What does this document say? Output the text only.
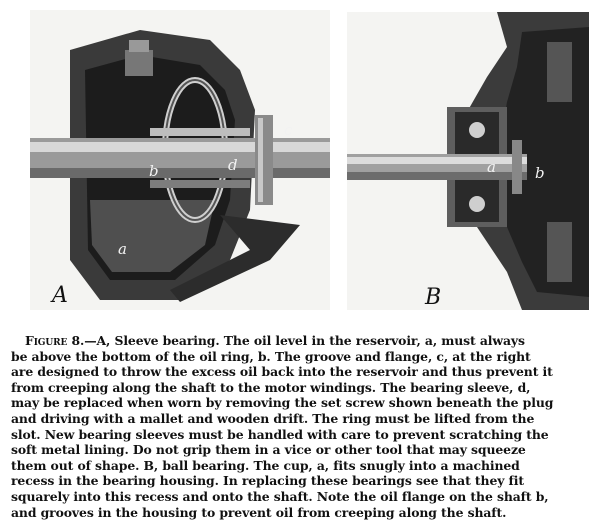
b	d
c
a
A
a	b
B
Figure 8.—A, Sleeve bearing. The oil level in the reservoir, a, must always
be above the bottom of the oil ring, b. The groove and flange, c, at the right
are designed to throw the excess oil back into the reservoir and thus prevent it
from creeping along the shaft to the motor windings. The bearing sleeve, d,
may be replaced when worn by removing the set screw shown beneath the plug
and driving with a mallet and wooden drift. The ring must be lifted from the
slot. New bearing sleeves must be handled with care to prevent scratching the
soft metal lining. Do not grip them in a vice or other tool that may squeeze
them out of shape. B, ball bearing. The cup, a, fits snugly into a machined
recess in the bearing housing. In replacing these bearings see that they fit
squarely into this recess and onto the shaft. Note the oil flange on the shaft b,
and grooves in the housing to prevent oil from creeping along the shaft.
